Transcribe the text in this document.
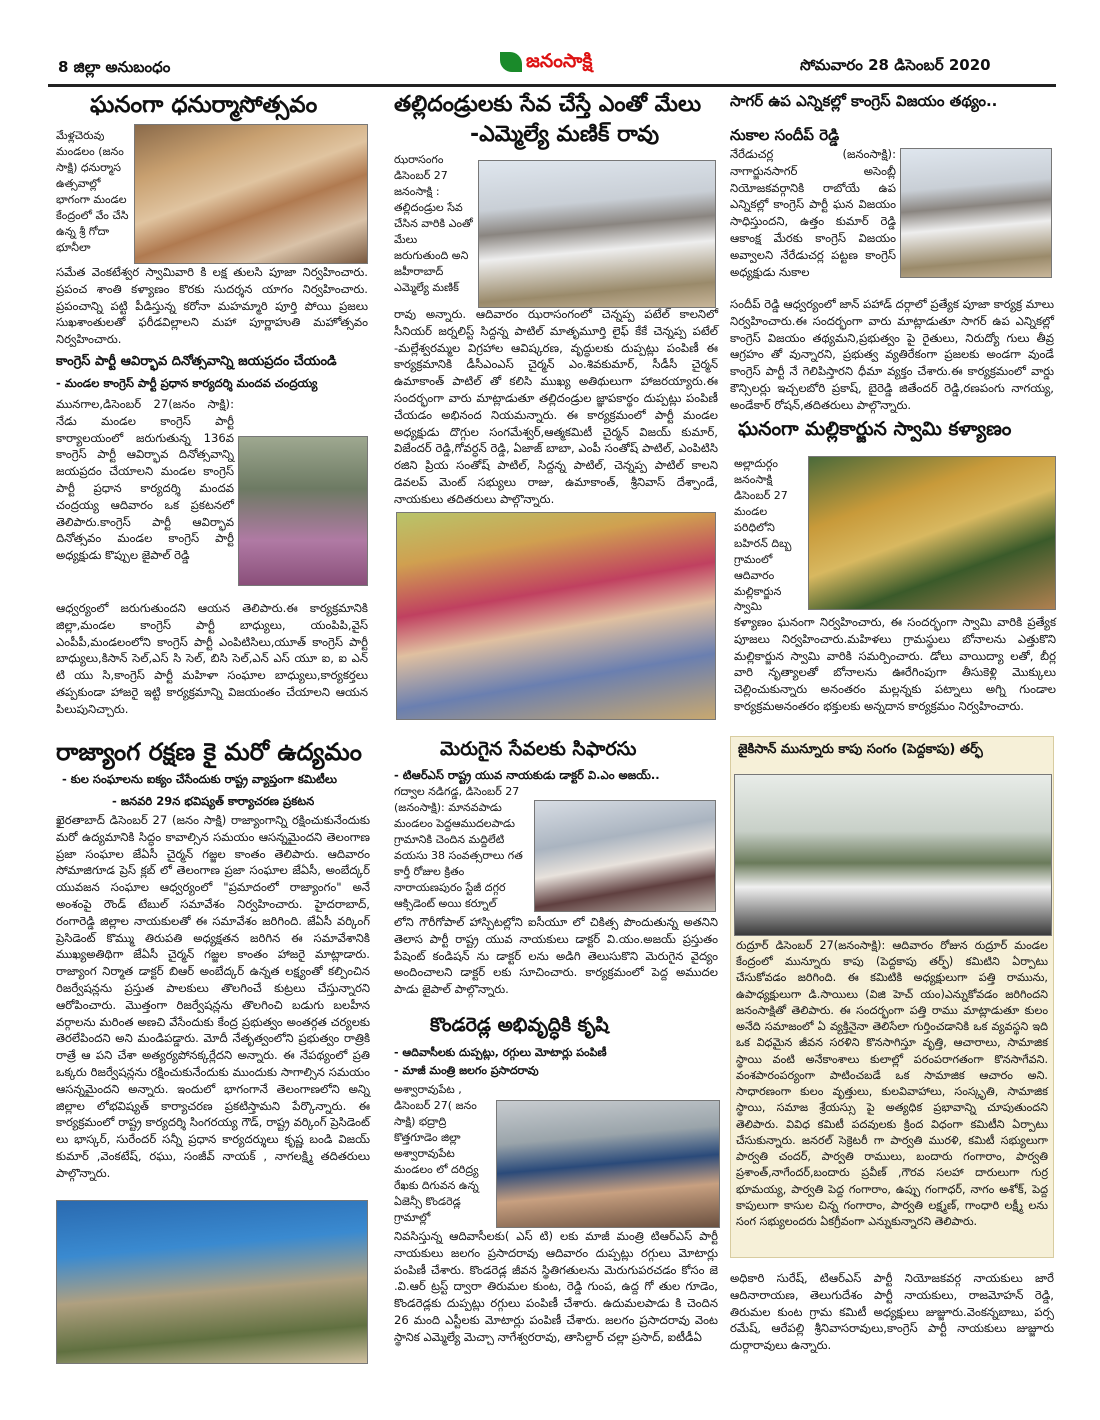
8 జిల్లా అనుబంధం	జనంసాక్షి	సోమవారం 28 డిసెంబర్ 2020
ఘనంగా ధనుర్మాసోత్సవం
మేళ్లచెరువు మండలం (జనం సాక్షి) ధనుర్మాస ఉత్సవాల్లో భాగంగా మండల కేంద్రంలో వేం చేసి ఉన్న శ్రీ గోదా భూనీలా
సమేత వెంకటేశ్వర స్వామివారి కి లక్ష తులసి పూజా నిర్వహించారు. ప్రపంచ శాంతి కళ్యాణం కొరకు సుదర్శన యాగం నిర్వహించారు. ప్రపంచాన్ని పట్టి పీడిస్తున్న కరోనా మహమ్మారి పూర్తి పోయి ప్రజలు సుఖశాంతులతో ఫరీడవిల్లాలని మహా పూర్ణాహుతి మహోత్సవం నిర్వహించారు.
కాంగ్రెస్ పార్టీ ఆవిర్భావ దినోత్సవాన్ని జయప్రదం చేయండి
- మండల కాంగ్రెస్ పార్టీ ప్రధాన కార్యదర్శి మందవ చంద్రయ్య
మునగాల,డిసెంబర్ 27(జనం సాక్షి): నేడు మండల కాంగ్రెస్ పార్టీ కార్యాలయంలో జరుగుతున్న 136వ కాంగ్రెస్ పార్టీ ఆవిర్భావ దినోత్సవాన్ని జయప్రదం చేయాలని మండల కాంగ్రెస్ పార్టీ ప్రధాన కార్యదర్శి మందవ చంద్రయ్య ఆదివారం ఒక ప్రకటనలో తెలిపారు.కాంగ్రెస్ పార్టీ ఆవిర్భావ దినోత్సవం మండల కాంగ్రెస్ పార్టీ అధ్యక్షుడు కొప్పుల జైపాల్ రెడ్డి
ఆధ్వర్యంలో జరుగుతుందని ఆయన తెలిపారు.ఈ కార్యక్రమానికి జిల్లా,మండల కాంగ్రెస్ పార్టీ బాధ్యులు, యంపిపి,వైస్ ఎంపీపీ,మండలంలోని కాంగ్రెస్ పార్టీ ఎంపిటిసిలు,యూత్ కాంగ్రెస్ పార్టీ బాధ్యులు,కిసాన్ సెల్,ఎస్ సి సెల్, బిసి సెల్,ఎన్ ఎస్ యూ ఐ, ఐ ఎన్ టి యు సి,కాంగ్రెస్ పార్టీ మహిళా సంఘాల బాధ్యులు,కార్యకర్తలు తప్పకుండా హాజరై ఇట్టి కార్యక్రమాన్ని విజయంతం చేయాలని ఆయన పిలుపునిచ్చారు.
తల్లిదండ్రులకు సేవ చేస్తే ఎంతో మేలు
-ఎమ్మెల్యే మణిక్ రావు
ఝరాసంగం డిసెంబర్ 27 జనంసాక్షి : తల్లిదండ్రుల సేవ చేసిన వారికి ఎంతో మేలు జరుగుతుంది అని జహీరాబాద్ ఎమ్మెల్యే మణిక్
రావు అన్నారు. ఆదివారం ఝరాసంగంలో చెన్నప్ప పటేల్ కాలనిలో సీనియర్ జర్నలిస్ట్ సిద్దన్న పాటిల్ మాతృమూర్తి లైఫ్ కేకే చెన్నప్ప పటేల్ -మల్లేశ్వరమ్మల విగ్రహాల ఆవిష్కరణ, వృద్ధులకు దుప్పట్లు పంపిణీ ఈ కార్యక్రమానికి డీసీఎంఎస్ చైర్మన్ ఎం.శివకుమార్, సీడీసీ చైర్మన్ ఉమాకాంత్ పాటిల్ తో కలిసి ముఖ్య అతిథులుగా హాజరయ్యారు.ఈ సందర్భంగా వారు మాట్లాడుతూ తల్లిదండ్రుల జ్ఞాపకార్థం దుప్పట్లు పంపిణీ చేయడం అభినంద నియమన్నారు. ఈ కార్యక్రమంలో పార్టీ మండల అధ్యక్షుడు దొగ్గుల సంగమేశ్వర్,ఆత్మకమిటీ చైర్మన్ విజయ్ కుమార్, విజేందర్ రెడ్డి,గోవర్ధన్ రెడ్డి, ఏజాజ్ బాబా, ఎంపీ సంతోష్ పాటిల్, ఎంపిటిసి రజిని ప్రియ సంతోష్ పాటిల్, సిద్దన్న పాటిల్, చెన్నప్ప పాటిల్ కాలని డెవలప్ మెంట్ సభ్యులు రాజు, ఉమాకాంత్, శ్రీనివాస్ దేశ్పాండే, నాయకులు తదితరులు పాల్గొన్నారు.
సాగర్ ఉప ఎన్నికల్లో కాంగ్రెస్ విజయం తథ్యం..
నుకాల సందీప్ రెడ్డి
నేరేడుచర్ల (జనంసాక్షి): నాగార్జునసాగర్ అసెంబ్లీ నియోజకవర్గానికి రాబోయే ఉప ఎన్నికల్లో కాంగ్రెస్ పార్టీ ఘన విజయం సాధిస్తుందని, ఉత్తం కుమార్ రెడ్డి ఆకాంక్ష మేరకు కాంగ్రెస్ విజయం అవ్వాలని నేరేడుచర్ల పట్టణ కాంగ్రెస్ అధ్యక్షుడు నుకాల
సందీప్ రెడ్డి ఆధ్వర్యంలో జాన్ పహాడ్ దర్గాలో ప్రత్యేక పూజా కార్యక్ర మాలు నిర్వహించారు.ఈ సందర్భంగా వారు మాట్లాడుతూ సాగర్ ఉప ఎన్నికల్లో కాంగ్రెస్ విజయం తథ్యమని,ప్రభుత్వం పై రైతులు, నిరుద్యో గులు తీవ్ర ఆగ్రహం తో వున్నారని, ప్రభుత్వ వ్యతిరేకంగా ప్రజలకు అండగా వుండే కాంగ్రెస్ పార్టీ నే గెలిపిస్తారని ధీమా వ్యక్తం చేశారు.ఈ కార్యక్రమంలో వార్డు కౌన్సిలర్లు ఇచ్చలబోరి ప్రకాష్, బైరెడ్డి జితేందర్ రెడ్డి,రణపంగు నాగయ్య, అండేకార్ రోషన్,తదితరులు పాల్గొన్నారు.
ఘనంగా మల్లికార్జున స్వామి కళ్యాణం
అల్లాదుర్గం జనంసాక్షి డిసెంబర్ 27 మండల పరిధిలోని బహిరన్ దిబ్బ గ్రామంలో ఆదివారం మల్లికార్జున స్వామి
కళ్యాణం ఘనంగా నిర్వహించారు, ఈ సందర్భంగా స్వామి వారికి ప్రత్యేక పూజలు నిర్వహించారు.మహిళలు గ్రామస్థులు బోనాలను ఎత్తుకొని మల్లికార్జున స్వామి వారికి సమర్పించారు. డోలు వాయిద్యా లతో, బీర్ల వారి నృత్యాలతో బోనాలను ఊరేగింపుగా తీసుకెళ్లి మొక్కులు చెల్లించుకున్నారు అనంతరం మల్లన్నకు పట్నాలు అగ్ని గుండాల కార్యక్రమఅనంతరం భక్తులకు అన్నదాన కార్యక్రమం నిర్వహించారు.
రాజ్యాంగ రక్షణ కై మరో ఉద్యమం
- కుల సంఘాలను ఐక్యం చేసేందుకు రాష్ట్ర వ్యాప్తంగా కమిటీలు
- జనవరి 29న భవిష్యత్ కార్యాచరణ ప్రకటన
ఖైరతాబాద్ డిసెంబర్ 27 (జనం సాక్షి) రాజ్యాంగాన్ని రక్షించుకునేందుకు మరో ఉద్యమానికి సిద్ధం కావాల్సిన సమయం ఆసన్నమైందని తెలంగాణ ప్రజా సంఘాల జేఏసీ చైర్మన్ గజ్జల కాంతం తెలిపారు. ఆదివారం సోమాజిగూడ ప్రెస్ క్లబ్ లో తెలంగాణ ప్రజా సంఘాల జేఏసీ, అంబేద్కర్ యువజన సంఘాల ఆధ్వర్యంలో "ప్రమాదంలో రాజ్యాంగం" అనే అంశంపై రౌండ్ టేబుల్ సమావేశం నిర్వహించారు. హైదరాబాద్, రంగారెడ్డి జిల్లాల నాయకులతో ఈ సమావేశం జరిగింది. జేఏసీ వర్కింగ్ ప్రెసిడెంట్ కొమ్ము తిరుపతి అధ్యక్షతన జరిగిన ఈ సమావేశానికి ముఖ్యఅతిథిగా జేఏసీ చైర్మన్ గజ్జల కాంతం హాజరై మాట్లాడారు. రాజ్యాంగ నిర్మాత డాక్టర్ బిఆర్ అంబేద్కర్ ఉన్నత లక్ష్యంతో కల్పించిన రిజర్వేషన్లను ప్రస్తుత పాలకులు తొలగించే కుట్రలు చేస్తున్నారని ఆరోపించారు. మొత్తంగా రిజర్వేషన్లను తొలగించి బడుగు బలహీన వర్గాలను మరింత అణచి వేసేందుకు కేంద్ర ప్రభుత్వం అంతర్గత చర్యలకు తెరలేపిందని అని మండిపడ్డారు. మోదీ నేతృత్వంలోని ప్రభుత్వం రాత్రికి రాత్రే ఆ పని చేశా అత్యర్యపోనక్కర్లేదని అన్నారు. ఈ నేపథ్యంలో ప్రతి ఒక్కరు రిజర్వేషన్లను రక్షించుకునేందుకు ముందుకు సాగాల్సిన సమయం ఆసన్నమైందని అన్నారు. ఇందులో భాగంగానే తెలంగాణలోని అన్ని జిల్లాల లోభవిష్యత్ కార్యాచరణ ప్రకటిస్తామని పేర్కొన్నారు. ఈ కార్యక్రమంలో రాష్ట్ర కార్యదర్శి సింగరయ్య గౌడ్, రాష్ట్ర వర్కింగ్ ప్రెసిడెంట్ లు భాస్కర్, సురేందర్ సన్నీ ప్రధాన కార్యదర్శులు కృష్ణ బండి విజయ్ కుమార్ ,వెంకటేష్, రఘు, సంజీవ్ నాయక్ , నాగలక్ష్మి తదితరులు పాల్గొన్నారు.
మెరుగైన సేవలకు సిఫారసు
- టిఆర్ఎస్ రాష్ట్ర యువ నాయకుడు డాక్టర్ వి.ఎం అజయ్..
గద్వాల నడిగడ్డ, డిసెంబర్ 27 (జనంసాక్షి): మానవపాడు మండలం పెద్దఆముదలపాడు గ్రామానికి చెందిన మద్దిలేటి వయసు 38 సంవత్సరాలు గత కార్తీ రోజుల క్రితం నారాయణపురం స్టేజీ దగ్గర ఆక్సిడెంట్ అయి కర్నూల్
లోని గౌరీగోపాల్ హాస్పిటల్లోని ఐసీయూ లో చికిత్స పొందుతున్న అతనిని తెలాస పార్టీ రాష్ట్ర యువ నాయకులు డాక్టర్ వి.యం.అజయ్ ప్రస్తుతం పేషెంట్ కండిషన్ ను డాక్టర్ లను అడిగి తెలుసుకొని మెరుగైన వైద్యం అందించాలని డాక్టర్ లకు సూచించారు. కార్యక్రమంలో పెద్ద అముదల పాడు జైపాల్ పాల్గొన్నారు.
కొండరెడ్ల అభివృద్ధికి కృషి
- ఆదివాసీలకు దుప్పట్లు, రగ్గులు మోటార్లు పంపిణీ
- మాజీ మంత్రి జలగం ప్రసాదరావు
అశ్వారావుపేట , డిసెంబర్ 27( జనం సాక్షి) భద్రాద్రి కొత్తగూడెం జిల్లా అశ్వారావుపేట మండలం లో దరిద్ర్య రేఖకు దిగువన ఉన్న ఏజెన్సీ కొండరెడ్ల గ్రామాల్లో
నివసిస్తున్న ఆదివాసీలకు( ఎస్ టి) లకు మాజీ మంత్రి టిఆర్ఎస్ పార్టీ నాయకులు జలగం ప్రసాదరావు ఆదివారం దుప్పట్లు రగ్గులు మోటార్లు పంపిణీ చేశారు. కొండరెడ్ల జీవన స్థితిగతులను మెరుగుపరచడం కోసం జె .వి.ఆర్ ట్రస్ట్ ద్వారా తిరుమల కుంట, రెడ్డి గుంప, ఉద్ద గో తుల గూడెం, కొండరెడ్లకు దుప్పట్లు రగ్గులు పంపిణీ చేశారు. ఉదుమలపాడు కి చెందిన 26 మంది ఎస్టీలకు మోటార్లు పంపిణీ చేశారు. జలగం ప్రసాదరావు వెంట స్థానిక ఎమ్మెల్యే మెచ్చా నాగేశ్వరరావు, తాసిల్దార్ చల్లా ప్రసాద్, ఐటీడీఏ
జైకిసాన్ మున్నూరు కాపు సంగం (పెద్దకాపు) తర్ఫ్
రుద్రూర్ డిసెంబర్ 27(జనంసాక్షి): ఆదివారం రోజున రుద్రూర్ మండల కేంద్రంలో మున్నూరు కాపు (పెద్దకాపు తర్ఫ్) కమిటిని ఏర్పాటు చేసుకోవడం జరిగింది. ఈ కమిటికి అధ్యక్షులుగా పత్తి రామును, ఉపాధ్యక్షులుగా డి.సాయిలు (విజి హెచ్ యం)ఎన్నుకోవడం జరిగిందని జనంసాక్షితో తెలిపారు. ఈ సందర్భంగా పత్తి రాము మాట్లాడుతూ కులం అనేది సమాజంలో ఏ వ్యక్తినైనా తెలిసేలా గుర్తించడానికి ఒక వ్యవస్థని ఇది ఒక విధమైన జీవన సరళిని కొనసాగిస్తూ వృత్తి, ఆచారాలు, సామాజిక స్థాయి వంటి అనేకాంశాలు కులాల్లో పరంపరాగతంగా కొనసాగేవని. వంశపారంపర్యంగా పాటించబడే ఒక సామాజిక ఆచారం అని. సాధారణంగా కులం వృత్తులు, కులవివాహాలు, సంస్కృతి, సామాజిక స్థాయి, సమాజ శ్రేయస్సు పై అత్యధిక ప్రభావాన్ని చూపుతుందని తెలిపారు. వివిధ కమిటీ పదవులకు క్రింద విధంగా కమిటీని ఏర్పాటు చేసుకున్నారు. జనరల్ సెక్రెటరీ గా పార్వతి మురళి, కమిటీ సభ్యులుగా పార్వతి చందర్, పార్వతి రాములు, బందారు గంగారాం, పార్వతి ప్రశాంత్,నాగేందర్,బందారు ప్రవీణ్ ,గౌరవ సలహా దారులుగా గుర్ర భూమయ్య, పార్వతి పెద్ద గంగారాం, ఉప్పు గంగాధర్, నాగం అశోక్, పెద్ద కాపులుగా కాసుల చిన్న గంగారాం, పార్వతి లక్ష్మణ్, గాంధారి లక్ష్మీ లను సంగ సభ్యులందరు ఏకగ్రీవంగా ఎన్నుకున్నారని తెలిపారు.
అధికారి సురేష్, టిఆర్ఎస్ పార్టీ నియోజకవర్గ నాయకులు జారే ఆదినారాయణ, తెలుగుదేశం పార్టీ నాయకులు, రాజమోహన్ రెడ్డి, తిరుమల కుంట గ్రామ కమిటీ అధ్యక్షులు జుజ్జూరు.వెంకన్నబాబు, పర్స రమేష్, ఆరేపల్లి శ్రీనివాసరావులు,కాంగ్రెస్ పార్టీ నాయకులు జుజ్జూరు దుర్గారావులు ఉన్నారు.
